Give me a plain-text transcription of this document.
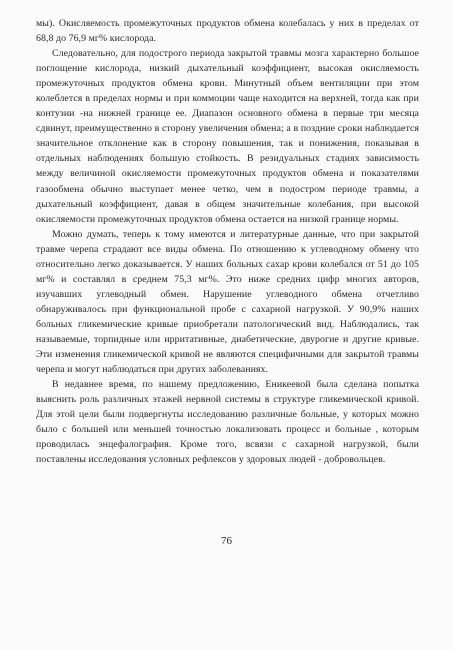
мы). Окисляемость промежуточных продуктов обмена колебалась у них в пределах от 68,8 до 76,9 мг% кислорода.

Следовательно, для подострого периода закрытой травмы мозга характерно большое поглощение кислорода, низкий дыхательный коэффициент, высокая окисляемость промежуточных продуктов обмена крови. Минутный объем вентиляции при этом колеблется в пределах нормы и при коммоции чаще находится на верхней, тогда как при контузии -на нижней границе ее. Диапазон основного обмена в первые три месяца сдвинут, преимущественно в сторону увеличения обмена; а в поздние сроки наблюдается значительное отклонение как в сторону повышения, так и понижения, показывая в отдельных наблюдениях большую стойкость. В резидуальных стадиях зависимость между величиной окисляемости промежуточных продуктов обмена и показателями газообмена обычно выступает менее четко, чем в подостром периоде травмы, а дыхательный коэффициент, давая в общем значительные колебания, при высокой окисляемости промежуточных продуктов обмена остается на низкой границе нормы.

Можно думать, теперь к тому имеются и литературные данные, что при закрытой травме черепа страдают все виды обмена. По отношению к углеводному обмену что относительно легко доказывается. У наших больных сахар крови колебался от 51 до 105 мг% и составлял в среднем 75,3 мг%. Это ниже средних цифр многих авторов, изучавших углеводный обмен. Нарушение углеводного обмена отчетливо обнаруживалось при функциональной пробе с сахарной нагрузкой. У 90,9% наших больных гликемические кривые приобретали патологический вид. Наблюдались, так называемые, торпидные или ирритативные, диабетические, двурогие и другие кривые. Эти изменения гликемической кривой не являются специфичными для закрытой травмы черепа и могут наблюдаться при других заболеваниях.

В недавнее время, по нашему предложению, Еникеевой была сделана попытка выяснить роль различных этажей нервной системы в структуре гликемической кривой. Для этой цели были подвергнуты исследованию различные больные, у которых можно было с большей или меньшей точностью локализовать процесс и больные , которым проводилась энцефалография. Кроме того, всвязи с сахарной нагрузкой, были поставлены исследования условных рефлексов у здоровых людей - добровольцев.

76
